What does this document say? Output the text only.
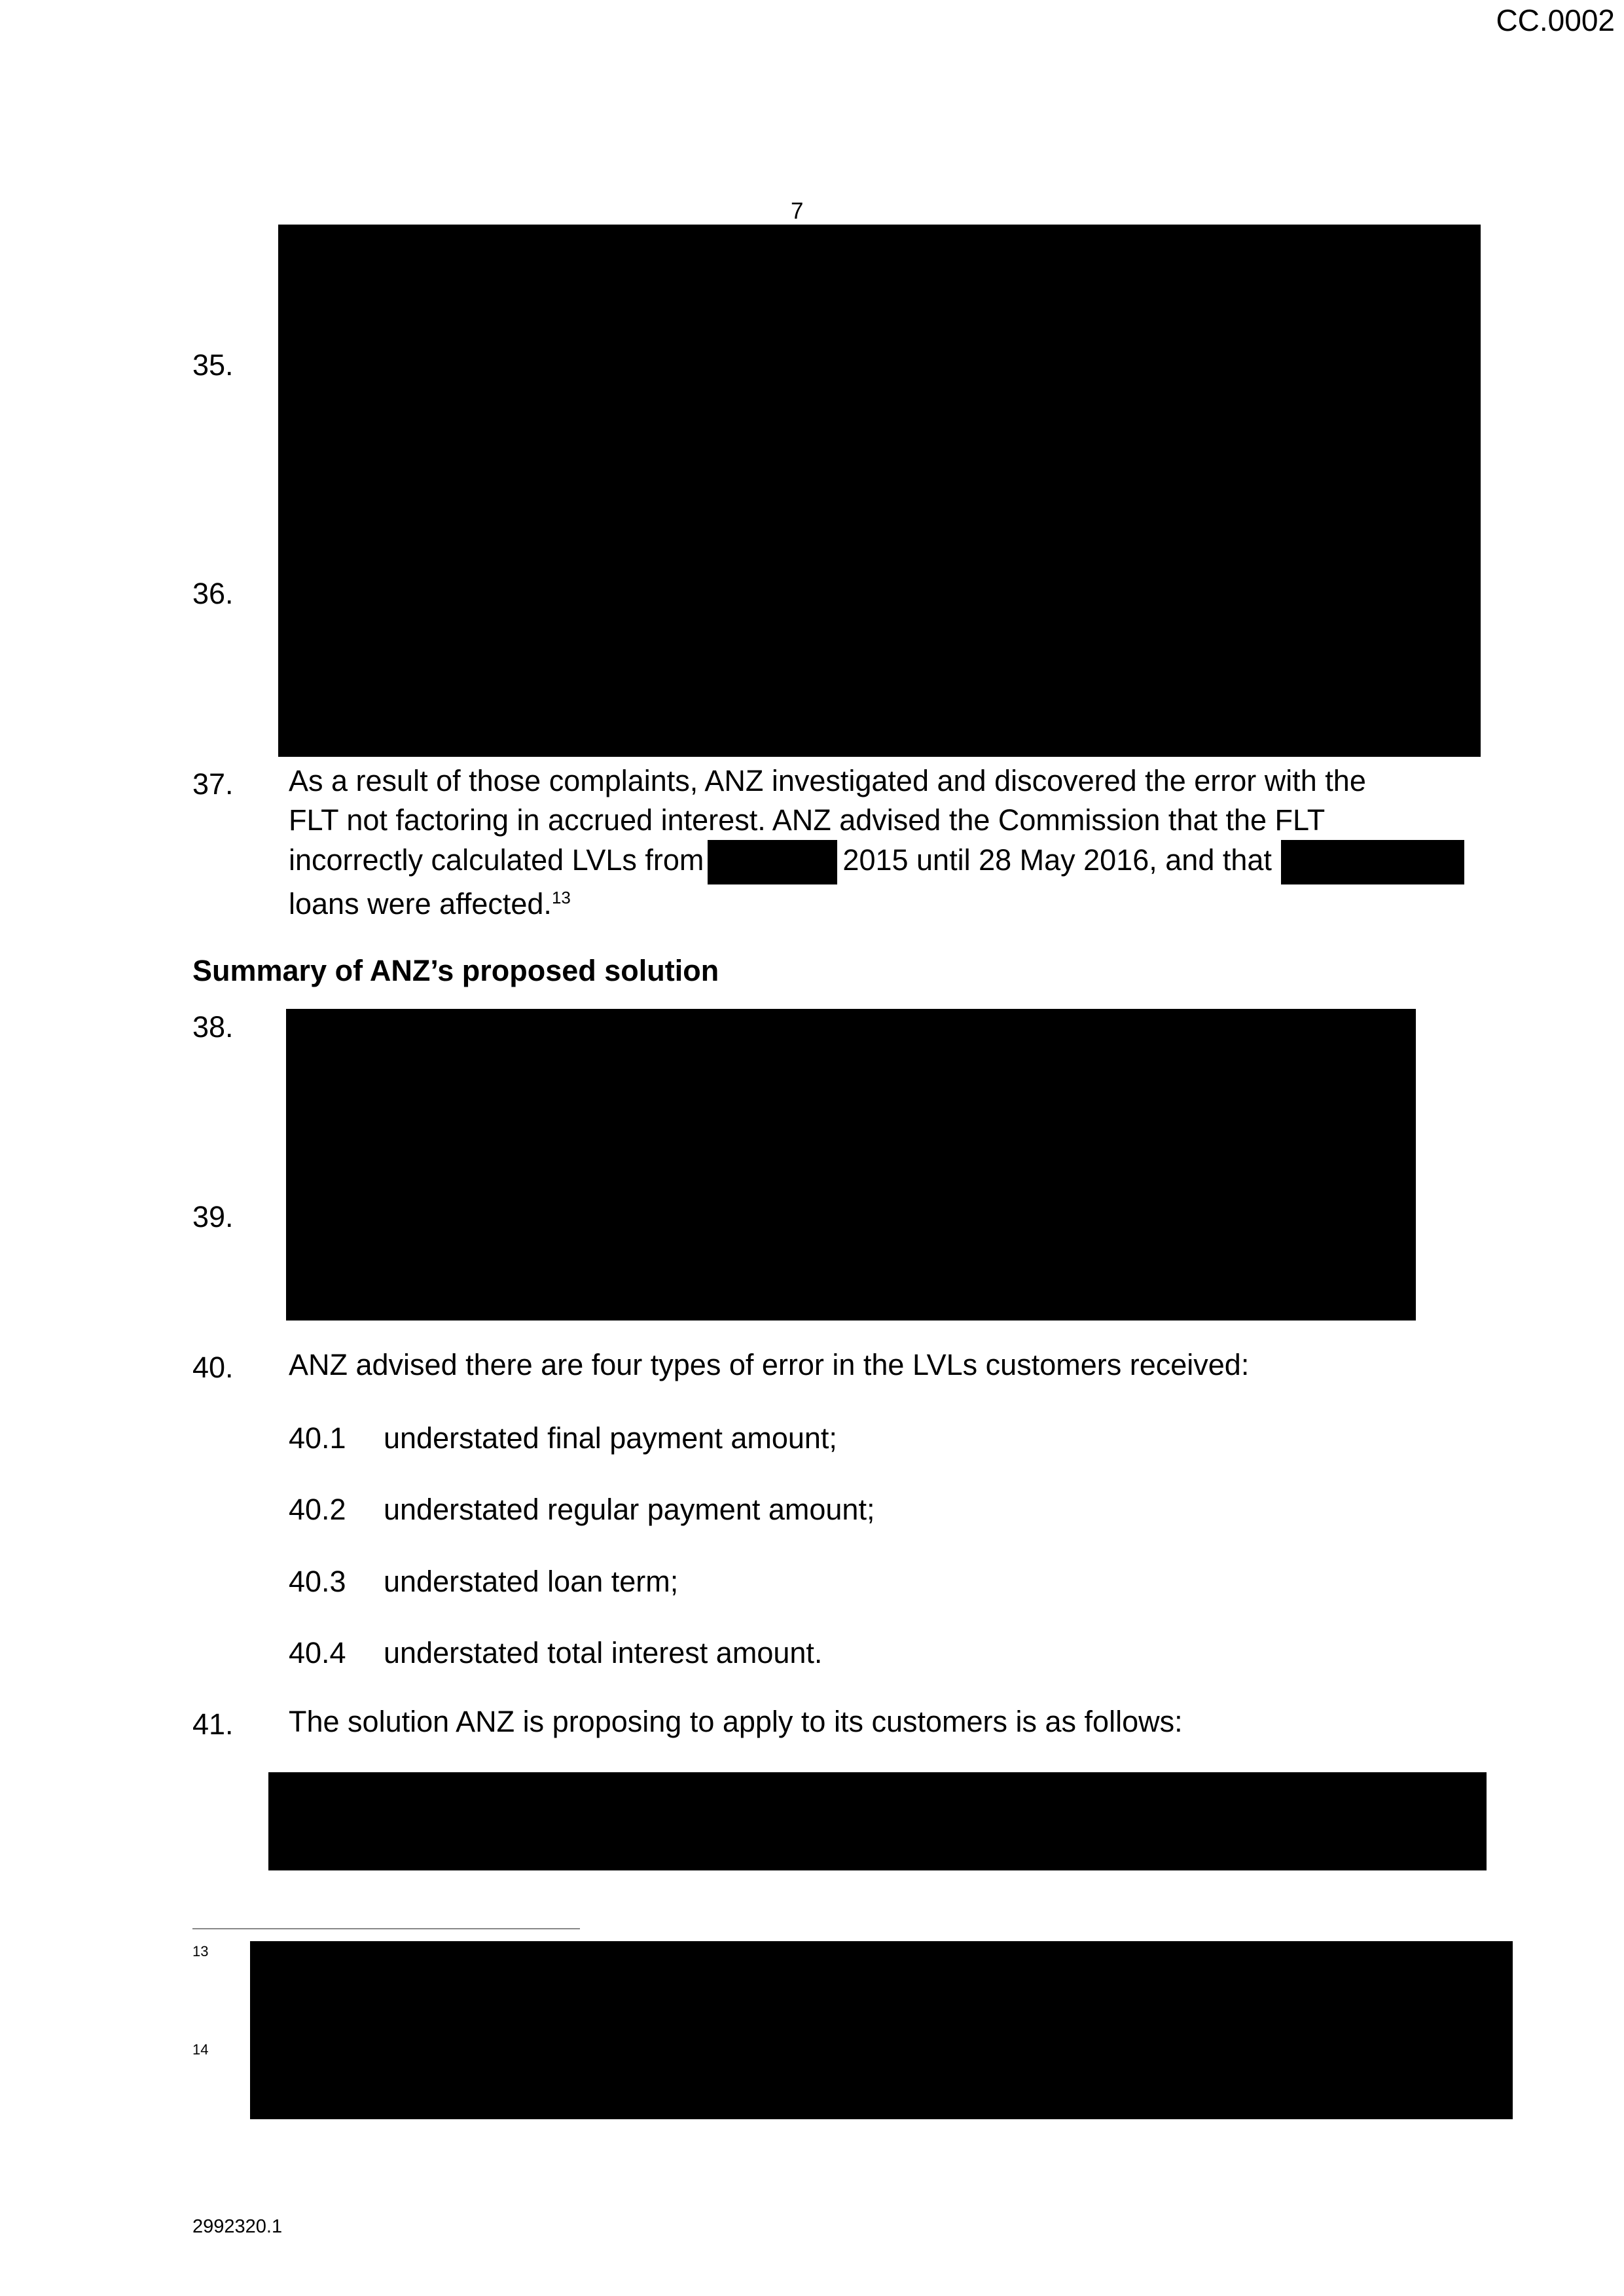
CC.0002
7
35.
36.
37. As a result of those complaints, ANZ investigated and discovered the error with the
FLT not factoring in accrued interest. ANZ advised the Commission that the FLT
incorrectly calculated LVLs from	2015 until 28 May 2016, and that
loans were affected.$^{13}$
Summary of ANZ’s proposed solution
38.
39.
40. ANZ advised there are four types of error in the LVLs customers received:
40.1 understated final payment amount;
40.2 understated regular payment amount;
40.3 understated loan term;
40.4 understated total interest amount.
41. The solution ANZ is proposing to apply to its customers is as follows:
13
14
2992320.1
